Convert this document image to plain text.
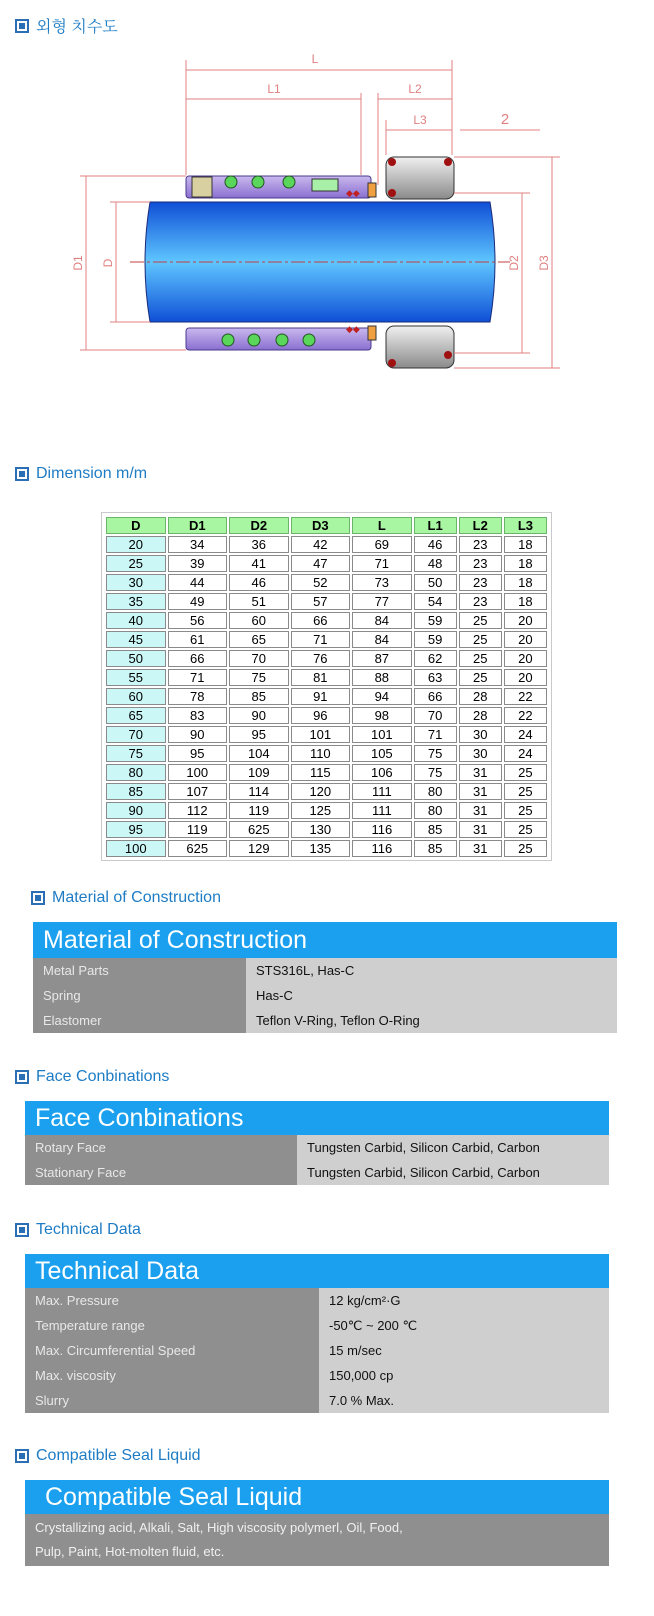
외형 치수도
◆◆
◆◆
L
L1	L2
L3	2
D1 D	D2 D3
Dimension m/m
D	D1	D2	D3	L	L1	L2	L3
20	34	36	42	69	46	23	18
25	39	41	47	71	48	23	18
30	44	46	52	73	50	23	18
35	49	51	57	77	54	23	18
40	56	60	66	84	59	25	20
45	61	65	71	84	59	25	20
50	66	70	76	87	62	25	20
55	71	75	81	88	63	25	20
60	78	85	91	94	66	28	22
65	83	90	96	98	70	28	22
70	90	95	101	101	71	30	24
75	95	104	110	105	75	30	24
80	100	109	115	106	75	31	25
85	107	114	120	111	80	31	25
90	112	119	125	111	80	31	25
95	119	625	130	116	85	31	25
100	625	129	135	116	85	31	25
Material of Construction
Material of Construction
Metal Parts	STS316L, Has-C
Spring	Has-C
Elastomer	Teflon V-Ring, Teflon O-Ring
Face Conbinations
Face Conbinations
Rotary Face	Tungsten Carbid, Silicon Carbid, Carbon
Stationary Face	Tungsten Carbid, Silicon Carbid, Carbon
Technical Data
Technical Data
Max. Pressure	12 kg/cm²·G
Temperature range	-50℃ ~ 200 ℃
Max. Circumferential Speed	15 m/sec
Max. viscosity	150,000 cp
Slurry	7.0 % Max.
Compatible Seal Liquid
Compatible Seal Liquid
Crystallizing acid, Alkali, Salt, High viscosity polymerl, Oil, Food,
Pulp, Paint, Hot-molten fluid, etc.
